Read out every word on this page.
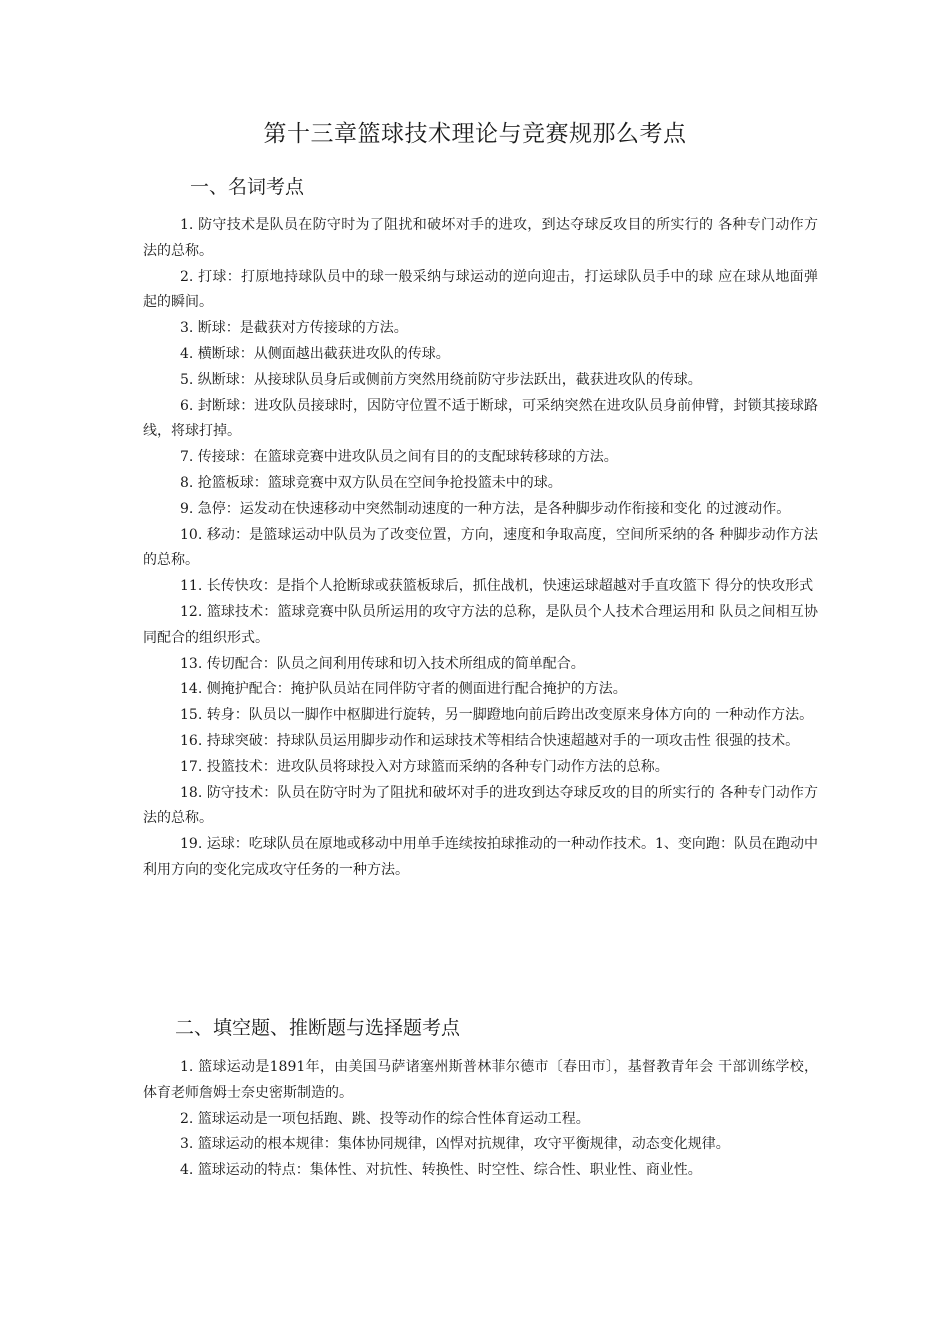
第十三章篮球技术理论与竞赛规那么考点
一、名词考点

1. 防守技术是队员在防守时为了阻扰和破坏对手的进攻，到达夺球反攻目的所实行的 各种专门动作方法的总称。

2. 打球：打原地持球队员中的球一般采纳与球运动的逆向迎击，打运球队员手中的球 应在球从地面弹起的瞬间。

3. 断球：是截获对方传接球的方法。

4. 横断球：从侧面越出截获进攻队的传球。

5. 纵断球：从接球队员身后或侧前方突然用绕前防守步法跃出，截获进攻队的传球。

6. 封断球：进攻队员接球时，因防守位置不适于断球，可采纳突然在进攻队员身前伸臂，封锁其接球路线，将球打掉。

7. 传接球：在篮球竞赛中进攻队员之间有目的的支配球转移球的方法。

8. 抢篮板球：篮球竞赛中双方队员在空间争抢投篮未中的球。

9. 急停：运发动在快速移动中突然制动速度的一种方法，是各种脚步动作衔接和变化 的过渡动作。

10. 移动：是篮球运动中队员为了改变位置，方向，速度和争取高度，空间所采纳的各 种脚步动作方法的总称。

11. 长传快攻：是指个人抢断球或获篮板球后，抓住战机，快速运球超越对手直攻篮下 得分的快攻形式

12. 篮球技术：篮球竞赛中队员所运用的攻守方法的总称，是队员个人技术合理运用和 队员之间相互协同配合的组织形式。

13. 传切配合：队员之间利用传球和切入技术所组成的简单配合。

14. 侧掩护配合：掩护队员站在同伴防守者的侧面进行配合掩护的方法。

15. 转身：队员以一脚作中枢脚进行旋转，另一脚蹬地向前后跨出改变原来身体方向的 一种动作方法。

16. 持球突破：持球队员运用脚步动作和运球技术等相结合快速超越对手的一项攻击性 很强的技术。

17. 投篮技术：进攻队员将球投入对方球篮而采纳的各种专门动作方法的总称。

18. 防守技术：队员在防守时为了阻扰和破坏对手的进攻到达夺球反攻的目的所实行的 各种专门动作方法的总称。

19. 运球：吃球队员在原地或移动中用单手连续按拍球推动的一种动作技术。1、变向跑：队员在跑动中利用方向的变化完成攻守任务的一种方法。

二、填空题、推断题与选择题考点

1. 篮球运动是1891年，由美国马萨诸塞州斯普林菲尔德市〔春田市〕，基督教青年会 干部训练学校，体育老师詹姆士奈史密斯制造的。

2. 篮球运动是一项包括跑、跳、投等动作的综合性体育运动工程。

3. 篮球运动的根本规律：集体协同规律，凶悍对抗规律，攻守平衡规律，动态变化规律。

4. 篮球运动的特点：集体性、对抗性、转换性、时空性、综合性、职业性、商业性。
